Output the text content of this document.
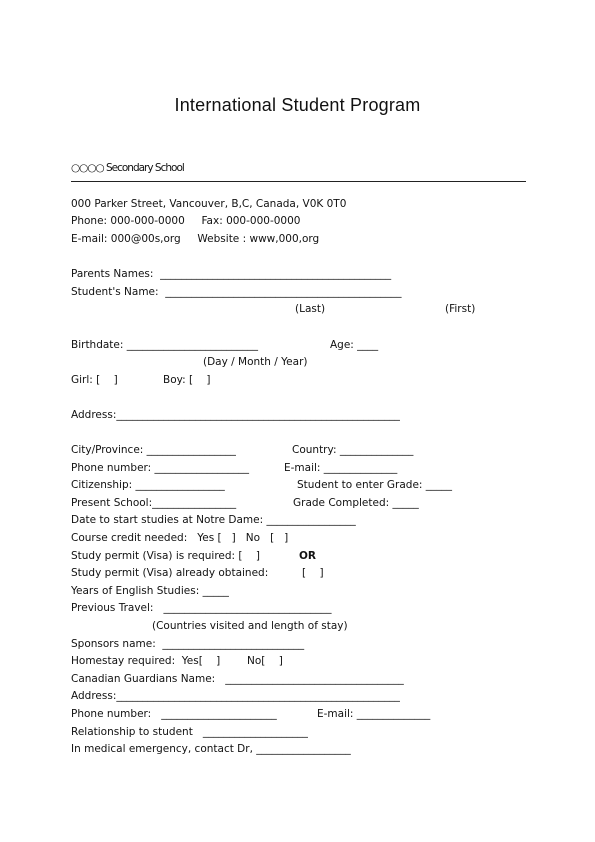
International Student Program
○○○○ Secondary School
000 Parker Street, Vancouver, B,C, Canada, V0K 0T0
Phone: 000-000-0000     Fax: 000-000-0000
E-mail: 000@00s,org     Website : www,000,org
Parents Names:  ____________________________________________
Student's Name:  _____________________________________________
(Last)	(First)
Birthdate: _________________________	Age: ____
(Day / Month / Year)
Girl: [    ]	Boy: [    ]
Address:______________________________________________________
City/Province: _________________	Country: ______________
Phone number: __________________	E-mail: ______________
Citizenship: _________________	Student to enter Grade: _____
Present School:________________	Grade Completed: _____
Date to start studies at Notre Dame: _________________
Course credit needed:   Yes [   ]   No   [   ]
Study permit (Visa) is required: [    ]	OR
Study permit (Visa) already obtained:	[    ]
Years of English Studies: _____
Previous Travel:   ________________________________
(Countries visited and length of stay)
Sponsors name:  ___________________________
Homestay required:  Yes[    ]        No[    ]
Canadian Guardians Name:   __________________________________
Address:______________________________________________________
Phone number:   ______________________	E-mail: ______________
Relationship to student   ____________________
In medical emergency, contact Dr, __________________
